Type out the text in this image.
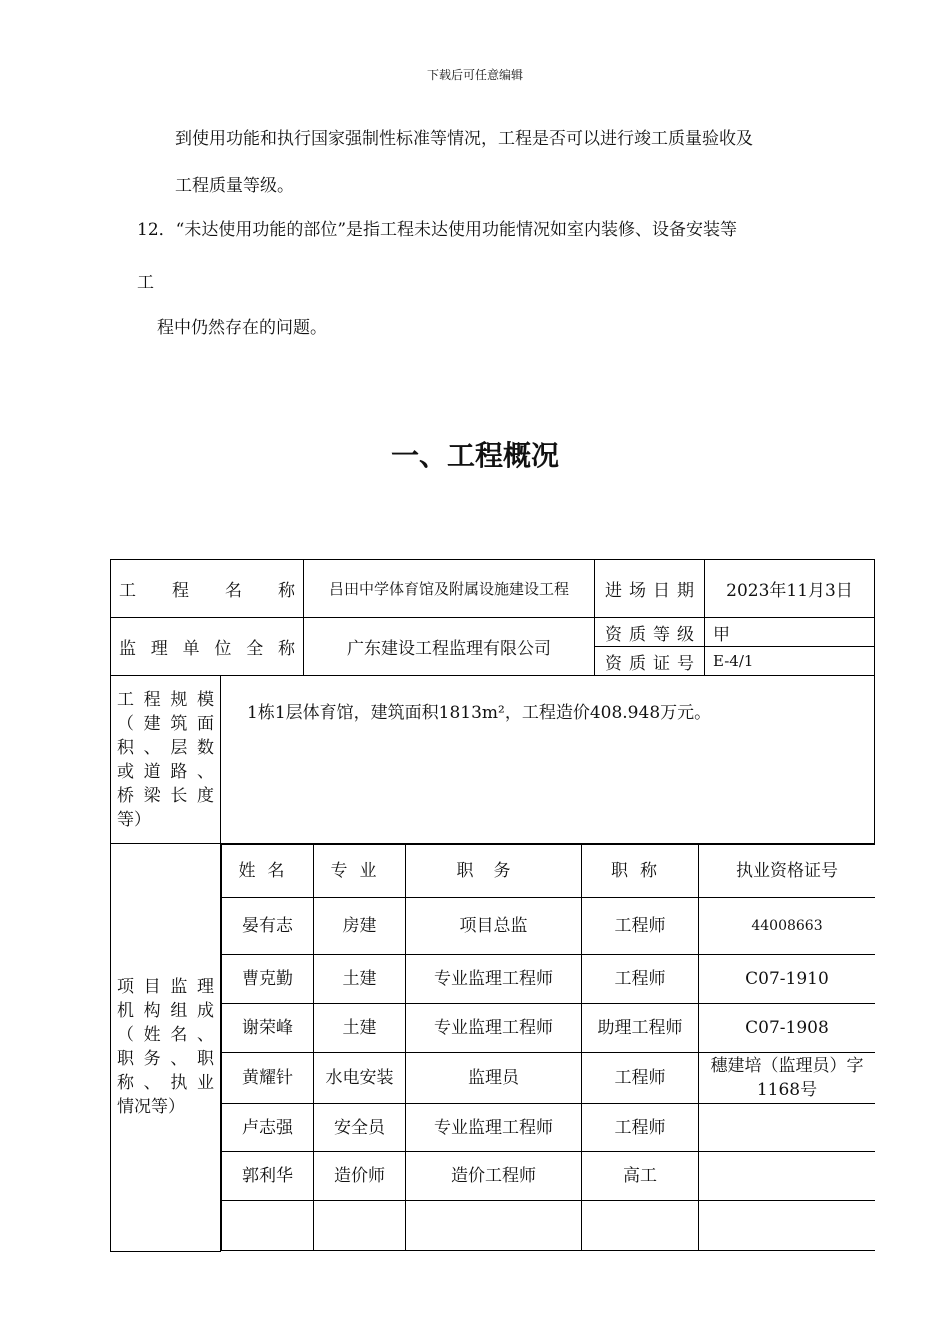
下载后可任意编辑
到使用功能和执行国家强制性标准等情况，工程是否可以进行竣工质量验收及
工程质量等级。
12．“未达使用功能的部位”是指工程未达使用功能情况如室内装修、设备安装等
工
程中仍然存在的问题。
一、工程概况
工　程　名　称	吕田中学体育馆及附属设施建设工程	进场日期	2023年11月3日
监理单位全称	广东建设工程监理有限公司	资质等级	甲
资质证号	E-4/1

工程规模
（建筑面
积、层数
或道路、
桥梁长度
等）
	1栋1层体育馆，建筑面积1813m²，工程造价408.948万元。

项目监理
机构组成
（姓名、
职务、职
称、执业
情况等）

姓名	专业	职务	职称	执业资格证号
晏有志	房建	项目总监	工程师	44008663
曹克勤	土建	专业监理工程师	工程师	C07-1910
谢荣峰	土建	专业监理工程师	助理工程师	C07-1908
黄耀针	水电安装	监理员	工程师	穗建培（监理员）字1168号
卢志强	安全员	专业监理工程师	工程师	
郭利华	造价师	造价工程师	高工	
